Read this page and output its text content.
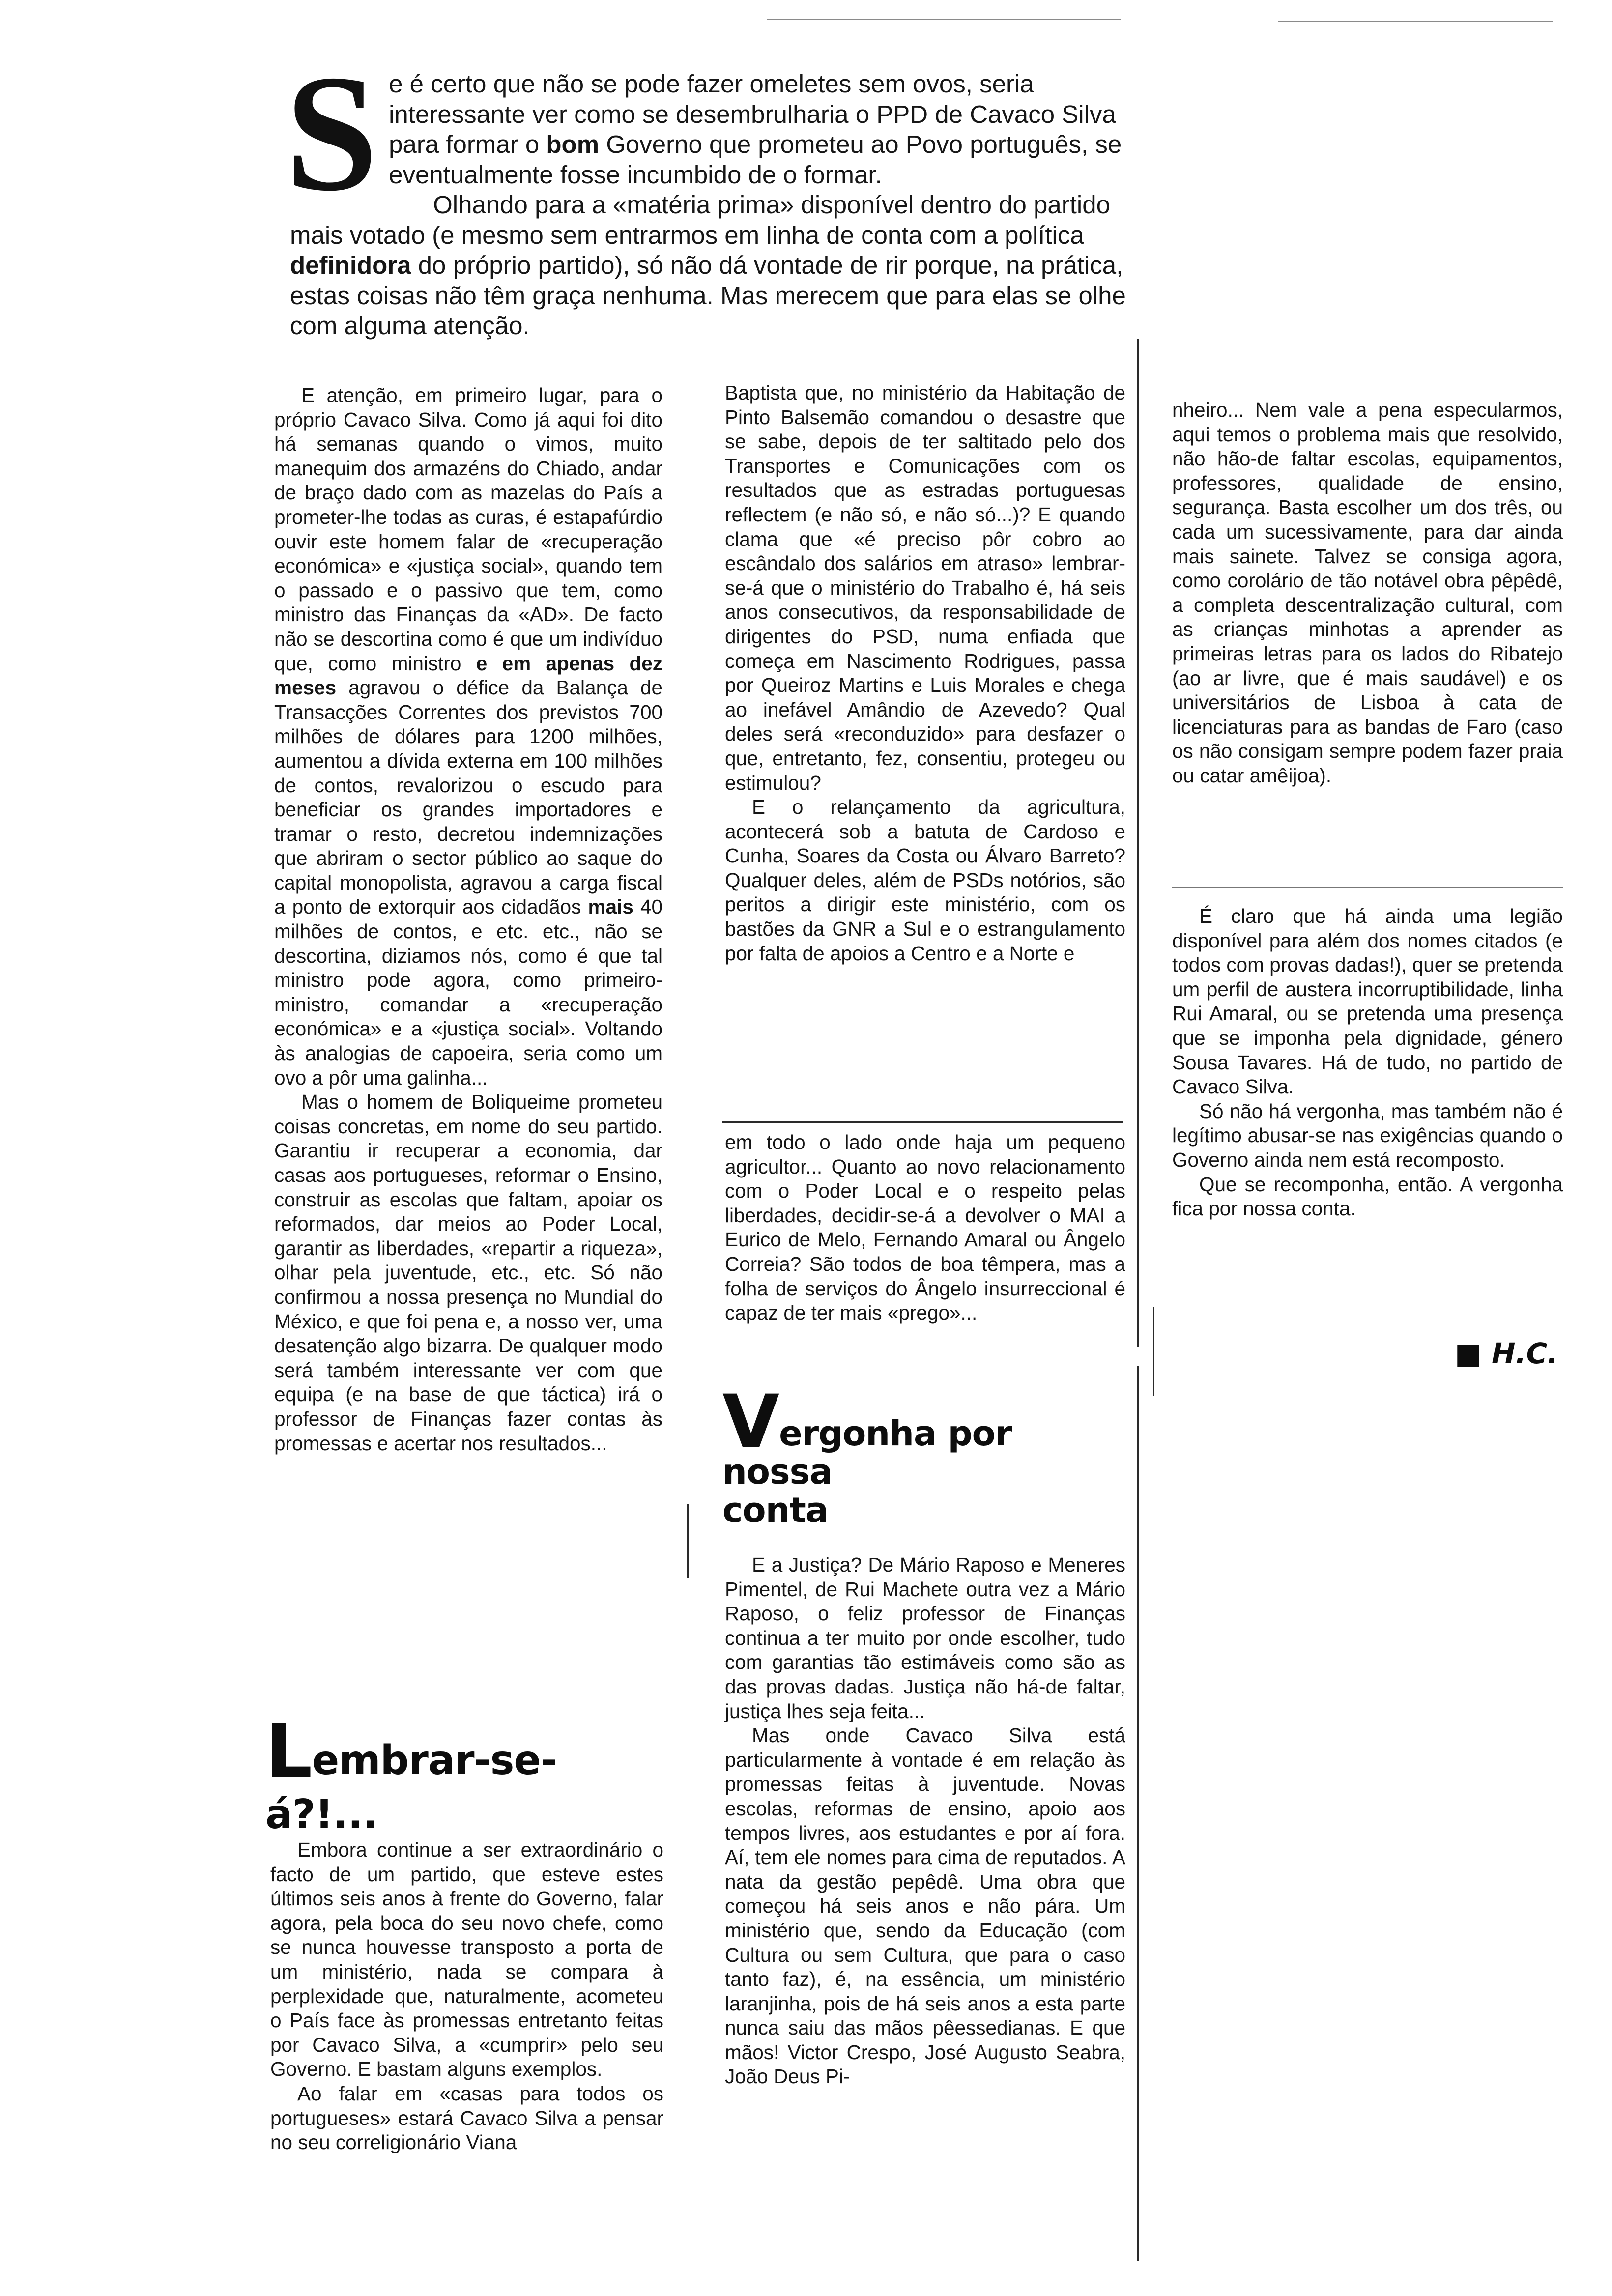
S e é certo que não se pode fazer omeletes sem ovos, seria interessante ver como se desembrulharia o PPD de Cavaco Silva para formar o bom Governo que prometeu ao Povo português, se eventualmente fosse incumbido de o formar.

Olhando para a «matéria prima» disponível dentro do partido mais votado (e mesmo sem entrarmos em linha de conta com a política definidora do próprio partido), só não dá vontade de rir porque, na prática, estas coisas não têm graça nenhuma. Mas merecem que para elas se olhe com alguma atenção.

E atenção, em primeiro lugar, para o próprio Cavaco Silva. Como já aqui foi dito há semanas quando o vimos, muito manequim dos armazéns do Chiado, andar de braço dado com as mazelas do País a prometer-lhe todas as curas, é estapafúrdio ouvir este homem falar de «recuperação económica» e «justiça social», quando tem o passado e o passivo que tem, como ministro das Finanças da «AD». De facto não se descortina como é que um indivíduo que, como ministro e em apenas dez meses agravou o défice da Balança de Transacções Correntes dos previstos 700 milhões de dólares para 1200 milhões, aumentou a dívida externa em 100 milhões de contos, revalorizou o escudo para beneficiar os grandes importadores e tramar o resto, decretou indemnizações que abriram o sector público ao saque do capital monopolista, agravou a carga fiscal a ponto de extorquir aos cidadãos mais 40 milhões de contos, e etc. etc., não se descortina, diziamos nós, como é que tal ministro pode agora, como primeiro-ministro, comandar a «recuperação económica» e a «justiça social». Voltando às analogias de capoeira, seria como um ovo a pôr uma galinha...

Mas o homem de Boliqueime prometeu coisas concretas, em nome do seu partido. Garantiu ir recuperar a economia, dar casas aos portugueses, reformar o Ensino, construir as escolas que faltam, apoiar os reformados, dar meios ao Poder Local, garantir as liberdades, «repartir a riqueza», olhar pela juventude, etc., etc. Só não confirmou a nossa presença no Mundial do México, e que foi pena e, a nosso ver, uma desatenção algo bizarra. De qualquer modo será também interessante ver com que equipa (e na base de que táctica) irá o professor de Finanças fazer contas às promessas e acertar nos resultados...

Lembrar-se-á?!...

Embora continue a ser extraordinário o facto de um partido, que esteve estes últimos seis anos à frente do Governo, falar agora, pela boca do seu novo chefe, como se nunca houvesse transposto a porta de um ministério, nada se compara à perplexidade que, naturalmente, acometeu o País face às promessas entretanto feitas por Cavaco Silva, a «cumprir» pelo seu Governo. E bastam alguns exemplos.

Ao falar em «casas para todos os portugueses» estará Cavaco Silva a pensar no seu correligionário Viana

Baptista que, no ministério da Habitação de Pinto Balsemão comandou o desastre que se sabe, depois de ter saltitado pelo dos Transportes e Comunicações com os resultados que as estradas portuguesas reflectem (e não só, e não só...)? E quando clama que «é preciso pôr cobro ao escândalo dos salários em atraso» lembrar-se-á que o ministério do Trabalho é, há seis anos consecutivos, da responsabilidade de dirigentes do PSD, numa enfiada que começa em Nascimento Rodrigues, passa por Queiroz Martins e Luis Morales e chega ao inefável Amândio de Azevedo? Qual deles será «reconduzido» para desfazer o que, entretanto, fez, consentiu, protegeu ou estimulou?

E o relançamento da agricultura, acontecerá sob a batuta de Cardoso e Cunha, Soares da Costa ou Álvaro Barreto? Qualquer deles, além de PSDs notórios, são peritos a dirigir este ministério, com os bastões da GNR a Sul e o estrangulamento por falta de apoios a Centro e a Norte e

em todo o lado onde haja um pequeno agricultor... Quanto ao novo relacionamento com o Poder Local e o respeito pelas liberdades, decidir-se-á a devolver o MAI a Eurico de Melo, Fernando Amaral ou Ângelo Correia? São todos de boa têmpera, mas a folha de serviços do Ângelo insurreccional é capaz de ter mais «prego»...

Vergonha por nossa
conta

E a Justiça? De Mário Raposo e Meneres Pimentel, de Rui Machete outra vez a Mário Raposo, o feliz professor de Finanças continua a ter muito por onde escolher, tudo com garantias tão estimáveis como são as das provas dadas. Justiça não há-de faltar, justiça lhes seja feita...

Mas onde Cavaco Silva está particularmente à vontade é em relação às promessas feitas à juventude. Novas escolas, reformas de ensino, apoio aos tempos livres, aos estudantes e por aí fora. Aí, tem ele nomes para cima de reputados. A nata da gestão pepêdê. Uma obra que começou há seis anos e não pára. Um ministério que, sendo da Educação (com Cultura ou sem Cultura, que para o caso tanto faz), é, na essência, um ministério laranjinha, pois de há seis anos a esta parte nunca saiu das mãos pêessedianas. E que mãos! Victor Crespo, José Augusto Seabra, João Deus Pi-

nheiro... Nem vale a pena especularmos, aqui temos o problema mais que resolvido, não hão-de faltar escolas, equipamentos, professores, qualidade de ensino, segurança. Basta escolher um dos três, ou cada um sucessivamente, para dar ainda mais sainete. Talvez se consiga agora, como corolário de tão notável obra pêpêdê, a completa descentralização cultural, com as crianças minhotas a aprender as primeiras letras para os lados do Ribatejo (ao ar livre, que é mais saudável) e os universitários de Lisboa à cata de licenciaturas para as bandas de Faro (caso os não consigam sempre podem fazer praia ou catar amêijoa).

É claro que há ainda uma legião disponível para além dos nomes citados (e todos com provas dadas!), quer se pretenda um perfil de austera incorruptibilidade, linha Rui Amaral, ou se pretenda uma presença que se imponha pela dignidade, género Sousa Tavares. Há de tudo, no partido de Cavaco Silva.

Só não há vergonha, mas também não é legítimo abusar-se nas exigências quando o Governo ainda nem está recomposto.

Que se recomponha, então. A vergonha fica por nossa conta.

■ H.C.
